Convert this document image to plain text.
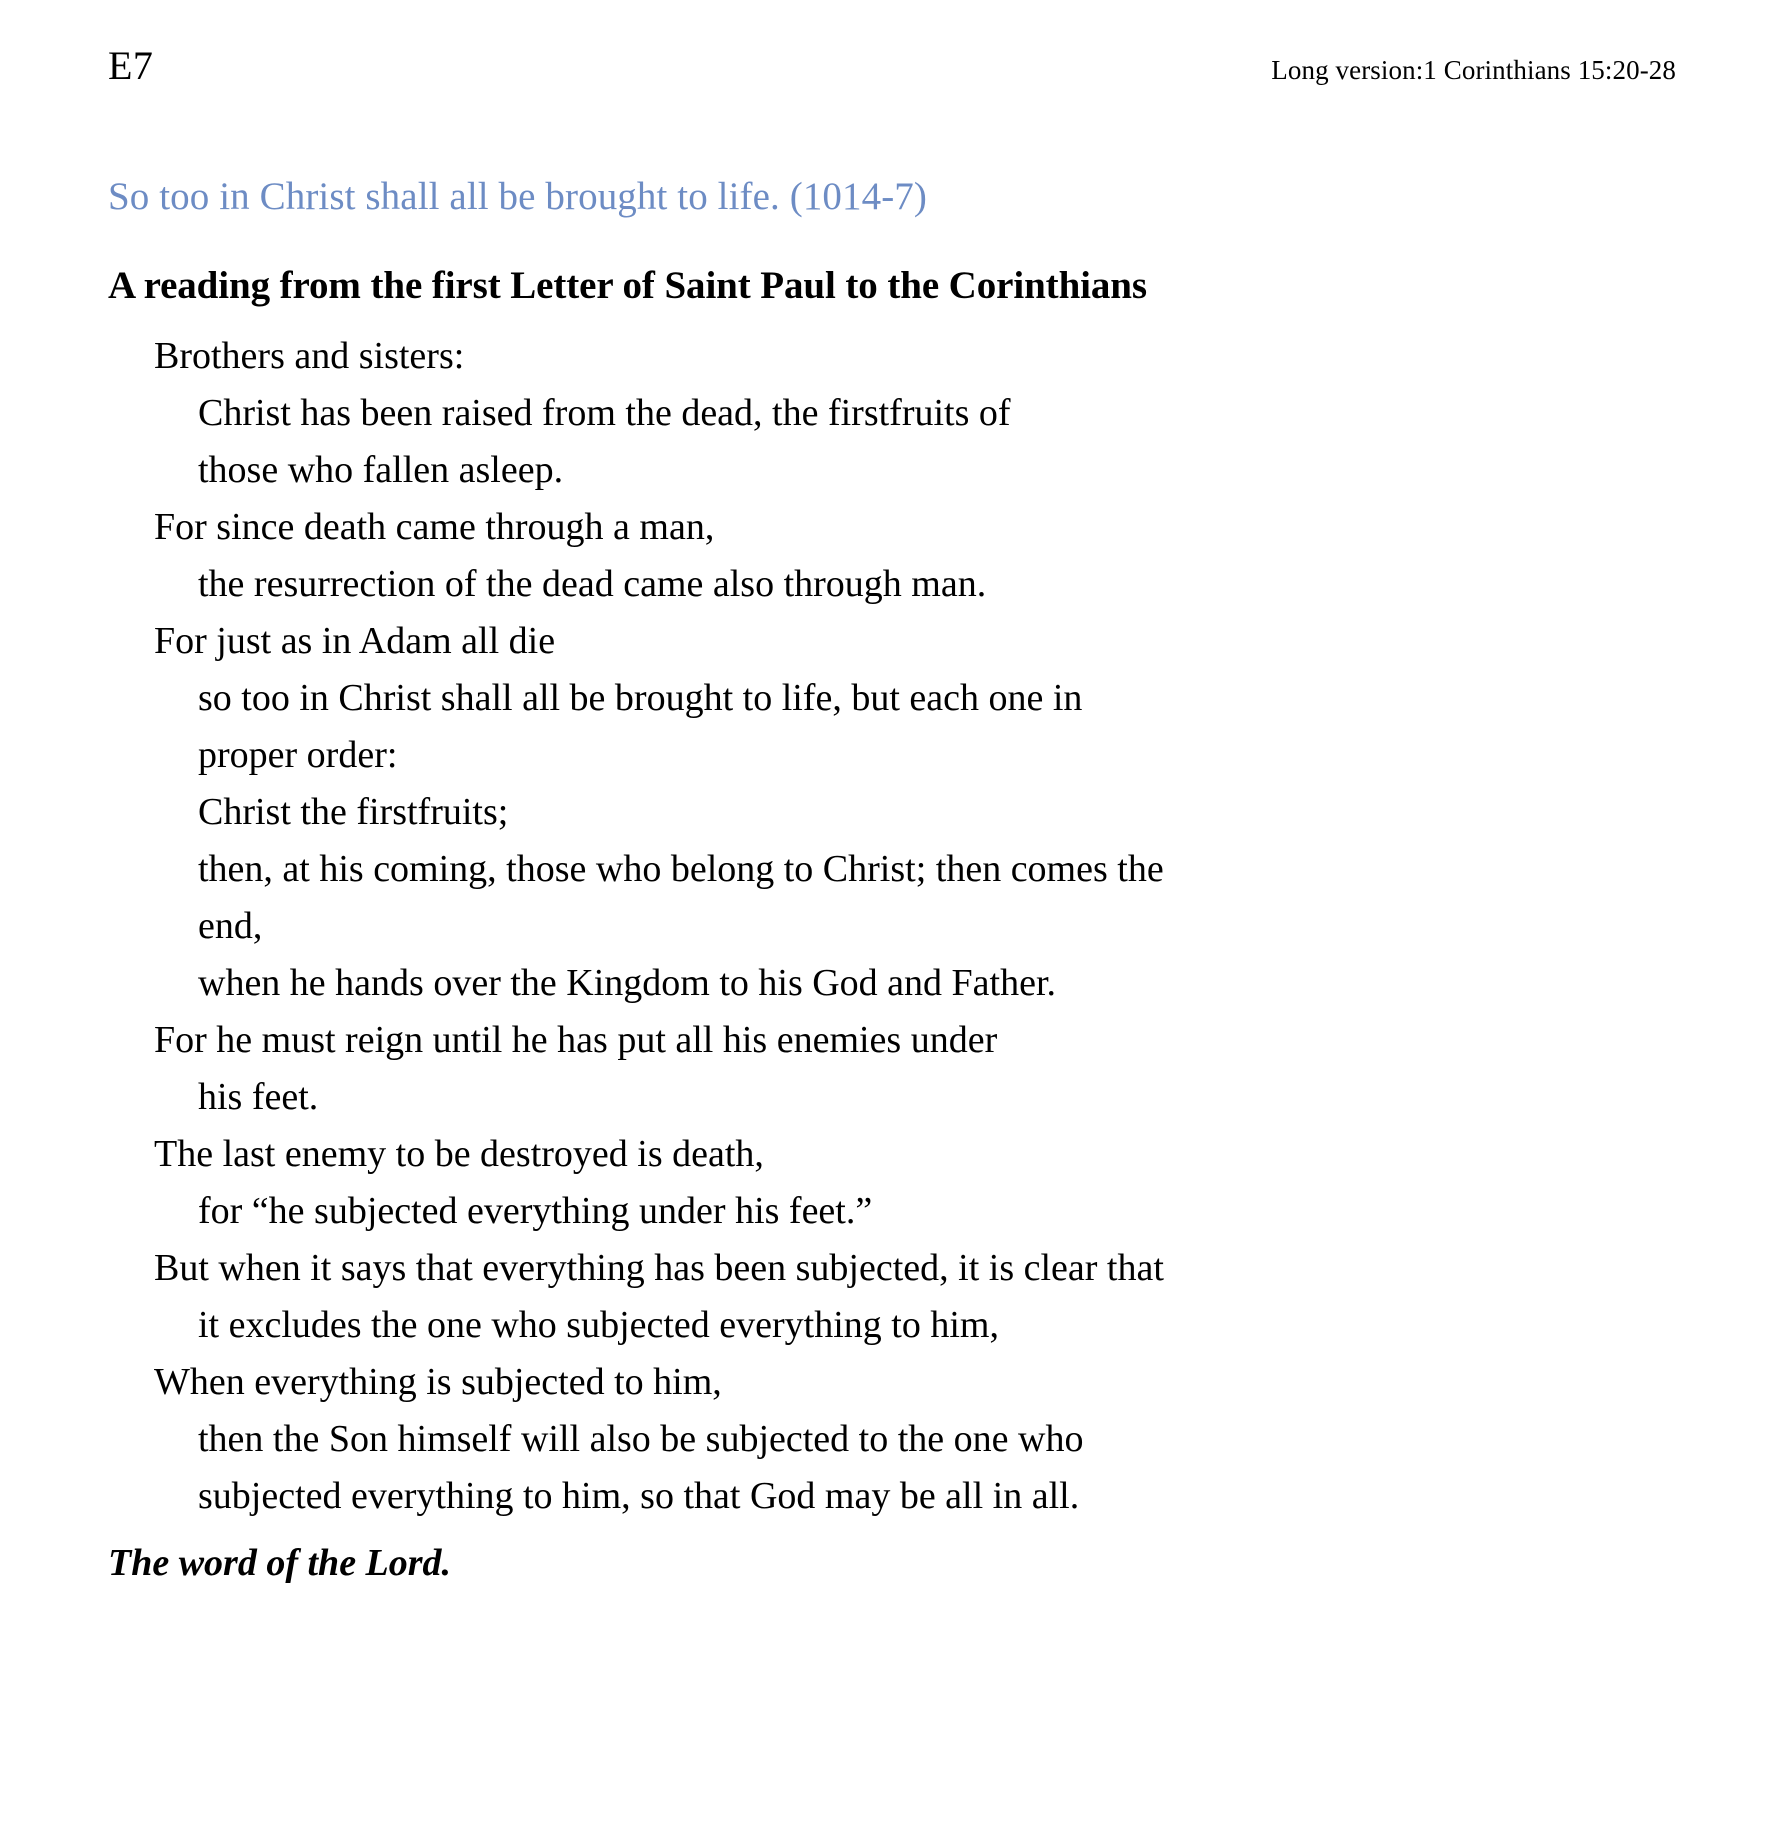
E7	Long version:1 Corinthians 15:20-28
So too in Christ shall all be brought to life. (1014-7)
A reading from the first Letter of Saint Paul to the Corinthians
Brothers and sisters:
Christ has been raised from the dead, the firstfruits of
those who fallen asleep.
For since death came through a man,
the resurrection of the dead came also through man.
For just as in Adam all die
so too in Christ shall all be brought to life, but each one in
proper order:
Christ the firstfruits;
then, at his coming, those who belong to Christ; then comes the
end,
when he hands over the Kingdom to his God and Father.
For he must reign until he has put all his enemies under
his feet.
The last enemy to be destroyed is death,
for “he subjected everything under his feet.”
But when it says that everything has been subjected, it is clear that
it excludes the one who subjected everything to him,
When everything is subjected to him,
then the Son himself will also be subjected to the one who
subjected everything to him, so that God may be all in all.
The word of the Lord.
